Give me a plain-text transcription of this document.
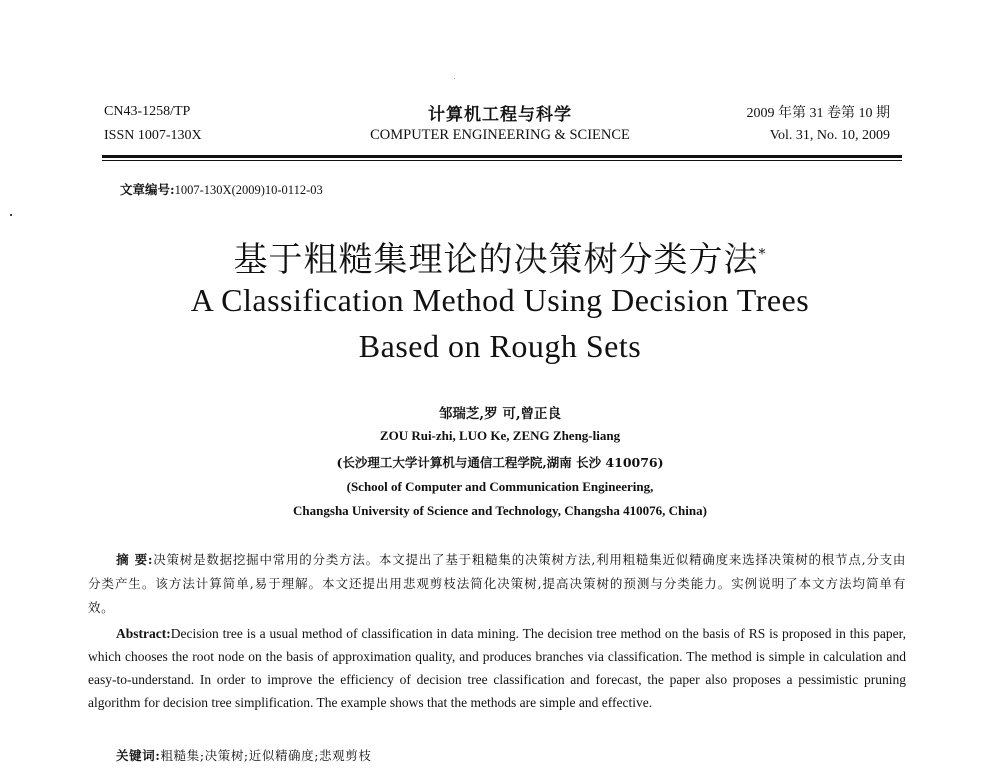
CN43-1258/TP
ISSN 1007-130X
计算机工程与科学
COMPUTER ENGINEERING & SCIENCE
2009 年第 31 卷第 10 期
Vol. 31, No. 10, 2009
文章编号:1007-130X(2009)10-0112-03
基于粗糙集理论的决策树分类方法*
A Classification Method Using Decision Trees
Based on Rough Sets
邹瑞芝,罗 可,曾正良
ZOU Rui-zhi, LUO Ke, ZENG Zheng-liang
(长沙理工大学计算机与通信工程学院,湖南 长沙 410076)
(School of Computer and Communication Engineering,
Changsha University of Science and Technology, Changsha 410076, China)
摘 要:决策树是数据挖掘中常用的分类方法。本文提出了基于粗糙集的决策树方法,利用粗糙集近似精确度来选择决策树的根节点,分支由分类产生。该方法计算简单,易于理解。本文还提出用悲观剪枝法简化决策树,提高决策树的预测与分类能力。实例说明了本文方法均简单有效。
Abstract:Decision tree is a usual method of classification in data mining. The decision tree method on the basis of RS is proposed in this paper, which chooses the root node on the basis of approximation quality, and produces branches via classification. The method is simple in calculation and easy-to-understand. In order to improve the efficiency of decision tree classification and forecast, the paper also proposes a pessimistic pruning algorithm for decision tree simplification. The example shows that the methods are simple and effective.
关键词:粗糙集;决策树;近似精确度;悲观剪枝
